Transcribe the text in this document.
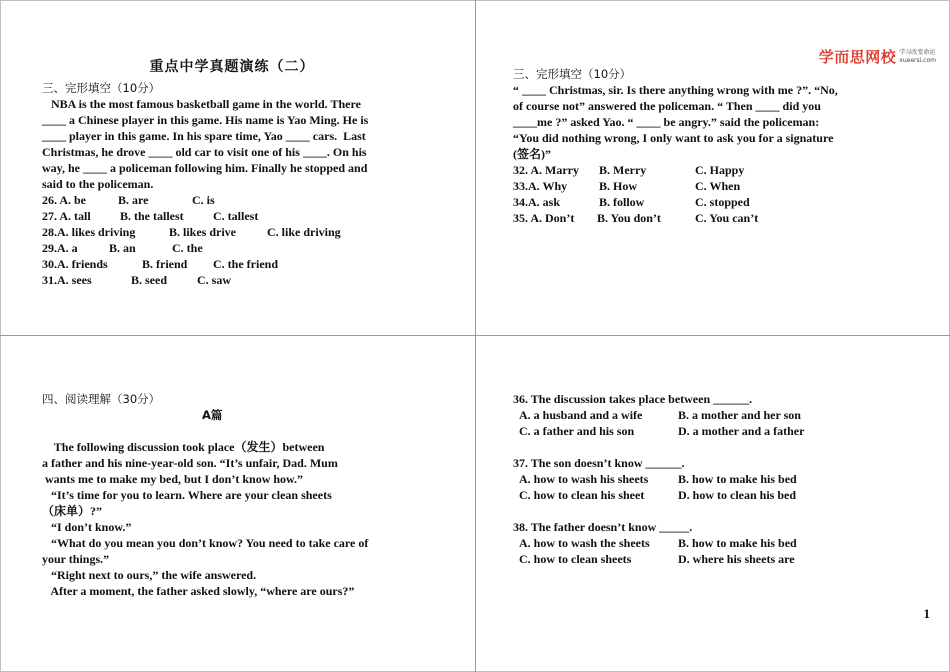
重点中学真题演练（二）
三、完形填空（10分）
NBA is the most famous basketball game in the world. There
____ a Chinese player in this game. His name is Yao Ming. He is
____ player in this game. In his spare time, Yao ____ cars.  Last
Christmas, he drove ____ old car to visit one of his ____. On his
way, he ____ a policeman following him. Finally he stopped and
said to the policeman.
26. A. be	B. are	C. is
27. A. tall B. the tallest C. tallest
28.A. likes driving	B. likes drive	C. like driving
29.A. a	B. an	C. the
30.A. friends	B. friend C. the friend
31.A. sees	B. seed	C. saw
学而思网校 学习改变命运
xueersi.com
三、完形填空（10分）
“ ____ Christmas, sir. Is there anything wrong with me ?”. “No,
of course not” answered the policeman. “ Then ____ did you
____me ?” asked Yao. “ ____ be angry.” said the policeman:
“You did nothing wrong, I only want to ask you for a signature
(签名)”
32. A. Marry B. Merry	C. Happy
33.A. Why	B. How	C. When
34.A. ask	B. follow	C. stopped
35. A. Don’t B. You don’t	C. You can’t
四、阅读理解（30分）
A篇
The following discussion took place（发生）between
a father and his nine-year-old son. “It’s unfair, Dad. Mum
wants me to make my bed, but I don’t know how.”
“It’s time for you to learn. Where are your clean sheets
（床单）?”
“I don’t know.”
“What do you mean you don’t know? You need to take care of
your things.”
“Right next to ours,” the wife answered.
After a moment, the father asked slowly, “where are ours?”
36. The discussion takes place between ______.
A. a husband and a wife	B. a mother and her son
C. a father and his son	D. a mother and a father
37. The son doesn’t know ______.
A. how to wash his sheets B. how to make his bed
C. how to clean his sheet	D. how to clean his bed
38. The father doesn’t know _____.
A. how to wash the sheets B. how to make his bed
C. how to clean sheets	D. where his sheets are
1
